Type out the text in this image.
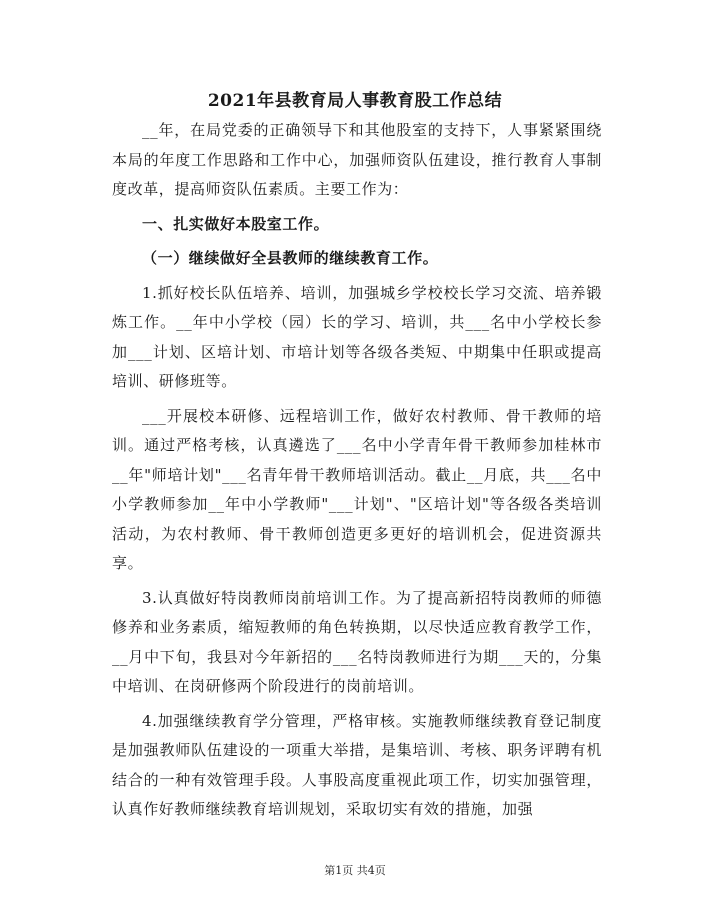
2021年县教育局人事教育股工作总结

__年，在局党委的正确领导下和其他股室的支持下，人事紧紧围绕本局的年度工作思路和工作中心，加强师资队伍建设，推行教育人事制度改革，提高师资队伍素质。主要工作为：

一、扎实做好本股室工作。

（一）继续做好全县教师的继续教育工作。

1.抓好校长队伍培养、培训，加强城乡学校校长学习交流、培养锻炼工作。__年中小学校（园）长的学习、培训，共___名中小学校长参加___计划、区培计划、市培计划等各级各类短、中期集中任职或提高培训、研修班等。

___开展校本研修、远程培训工作，做好农村教师、骨干教师的培训。通过严格考核，认真遴选了___名中小学青年骨干教师参加桂林市__年"师培计划"___名青年骨干教师培训活动。截止__月底，共___名中小学教师参加__年中小学教师"___计划"、"区培计划"等各级各类培训活动，为农村教师、骨干教师创造更多更好的培训机会，促进资源共享。

3.认真做好特岗教师岗前培训工作。为了提高新招特岗教师的师德修养和业务素质，缩短教师的角色转换期，以尽快适应教育教学工作，__月中下旬，我县对今年新招的___名特岗教师进行为期___天的，分集中培训、在岗研修两个阶段进行的岗前培训。

4.加强继续教育学分管理，严格审核。实施教师继续教育登记制度是加强教师队伍建设的一项重大举措，是集培训、考核、职务评聘有机结合的一种有效管理手段。人事股高度重视此项工作，切实加强管理，认真作好教师继续教育培训规划，采取切实有效的措施，加强

第1页 共4页
